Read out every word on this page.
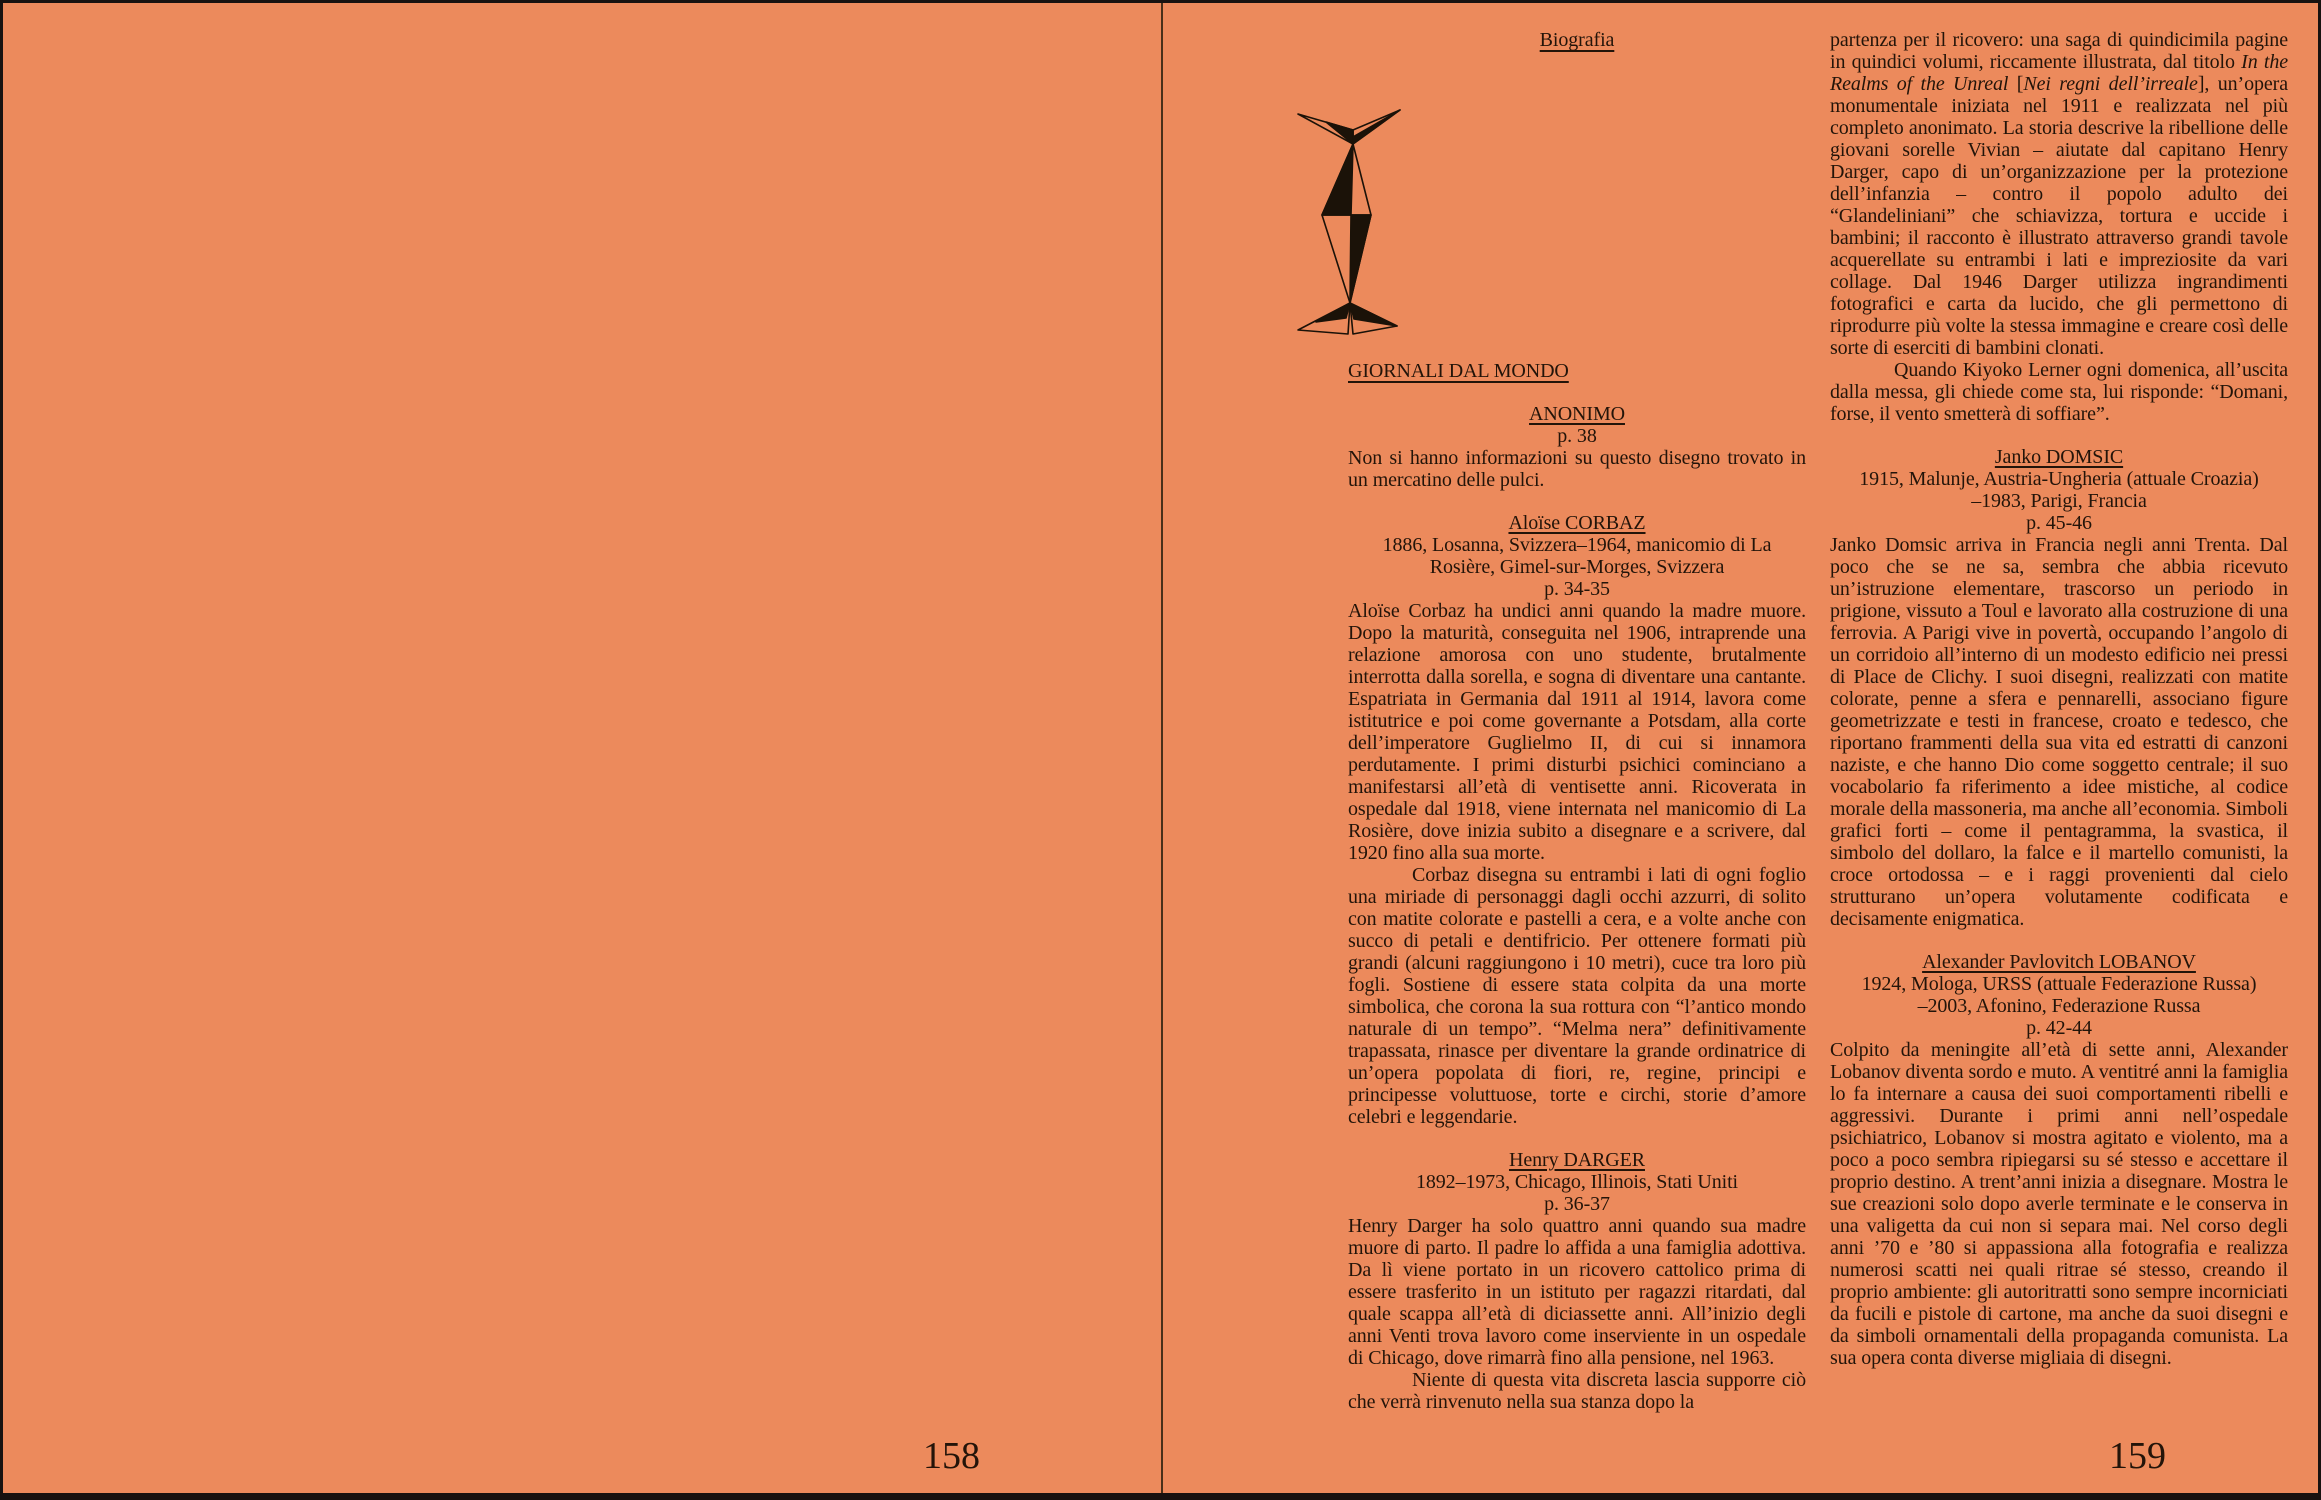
158
Biografia
GIORNALI DAL MONDO
ANONIMO
p. 38

Non si hanno informazioni su questo disegno trovato in un mercatino delle pulci.

Aloïse CORBAZ
1886, Losanna, Svizzera–1964, manicomio di La Rosière, Gimel-sur-Morges, Svizzera
p. 34-35

Aloïse Corbaz ha undici anni quando la madre muore. Dopo la maturità, conseguita nel 1906, intraprende una relazione amorosa con uno studente, brutalmente interrotta dalla sorella, e sogna di diventare una cantante. Espatriata in Germania dal 1911 al 1914, lavora come istitutrice e poi come governante a Potsdam, alla corte dell’imperatore Guglielmo II, di cui si innamora perdutamente. I primi disturbi psichici cominciano a manifestarsi all’età di ventisette anni. Ricoverata in ospedale dal 1918, viene internata nel manicomio di La Rosière, dove inizia subito a disegnare e a scrivere, dal 1920 fino alla sua morte.

Corbaz disegna su entrambi i lati di ogni foglio una miriade di personaggi dagli occhi azzurri, di solito con matite colorate e pastelli a cera, e a volte anche con succo di petali e dentifricio. Per ottenere formati più grandi (alcuni raggiungono i 10 metri), cuce tra loro più fogli. Sostiene di essere stata colpita da una morte simbolica, che corona la sua rottura con “l’antico mondo naturale di un tempo”. “Melma nera” definitivamente trapassata, rinasce per diventare la grande ordinatrice di un’opera popolata di fiori, re, regine, principi e principesse voluttuose, torte e circhi, storie d’amore celebri e leggendarie.

Henry DARGER
1892–1973, Chicago, Illinois, Stati Uniti
p. 36-37

Henry Darger ha solo quattro anni quando sua madre muore di parto. Il padre lo affida a una famiglia adottiva. Da lì viene portato in un ricovero cattolico prima di essere trasferito in un istituto per ragazzi ritardati, dal quale scappa all’età di diciassette anni. All’inizio degli anni Venti trova lavoro come inserviente in un ospedale di Chicago, dove rimarrà fino alla pensione, nel 1963.

Niente di questa vita discreta lascia supporre ciò che verrà rinvenuto nella sua stanza dopo la

partenza per il ricovero: una saga di quindicimila pagine in quindici volumi, riccamente illustrata, dal titolo In the Realms of the Unreal [Nei regni dell’irreale], un’opera monumentale iniziata nel 1911 e realizzata nel più completo anonimato. La storia descrive la ribellione delle giovani sorelle Vivian – aiutate dal capitano Henry Darger, capo di un’organizzazione per la protezione dell’infanzia – contro il popolo adulto dei “Glandeliniani” che schiavizza, tortura e uccide i bambini; il racconto è illustrato attraverso grandi tavole acquerellate su entrambi i lati e impreziosite da vari collage. Dal 1946 Darger utilizza ingrandimenti fotografici e carta da lucido, che gli permettono di riprodurre più volte la stessa immagine e creare così delle sorte di eserciti di bambini clonati.

Quando Kiyoko Lerner ogni domenica, all’uscita dalla messa, gli chiede come sta, lui risponde: “Domani, forse, il vento smetterà di soffiare”.

Janko DOMSIC
1915, Malunje, Austria-Ungheria (attuale Croazia)
–1983, Parigi, Francia
p. 45-46

Janko Domsic arriva in Francia negli anni Trenta. Dal poco che se ne sa, sembra che abbia ricevuto un’istruzione elementare, trascorso un periodo in prigione, vissuto a Toul e lavorato alla costruzione di una ferrovia. A Parigi vive in povertà, occupando l’angolo di un corridoio all’interno di un modesto edificio nei pressi di Place de Clichy. I suoi disegni, realizzati con matite colorate, penne a sfera e pennarelli, associano figure geometrizzate e testi in francese, croato e tedesco, che riportano frammenti della sua vita ed estratti di canzoni naziste, e che hanno Dio come soggetto centrale; il suo vocabolario fa riferimento a idee mistiche, al codice morale della massoneria, ma anche all’economia. Simboli grafici forti – come il pentagramma, la svastica, il simbolo del dollaro, la falce e il martello comunisti, la croce ortodossa – e i raggi provenienti dal cielo strutturano un’opera volutamente codificata e decisamente enigmatica.

Alexander Pavlovitch LOBANOV
1924, Mologa, URSS (attuale Federazione Russa)
–2003, Afonino, Federazione Russa
p. 42-44

Colpito da meningite all’età di sette anni, Alexander Lobanov diventa sordo e muto. A ventitré anni la famiglia lo fa internare a causa dei suoi comportamenti ribelli e aggressivi. Durante i primi anni nell’ospedale psichiatrico, Lobanov si mostra agitato e violento, ma a poco a poco sembra ripiegarsi su sé stesso e accettare il proprio destino. A trent’anni inizia a disegnare. Mostra le sue creazioni solo dopo averle terminate e le conserva in una valigetta da cui non si separa mai. Nel corso degli anni ’70 e ’80 si appassiona alla fotografia e realizza numerosi scatti nei quali ritrae sé stesso, creando il proprio ambiente: gli autoritratti sono sempre incorniciati da fucili e pistole di cartone, ma anche da suoi disegni e da simboli ornamentali della propaganda comunista. La sua opera conta diverse migliaia di disegni.

159
